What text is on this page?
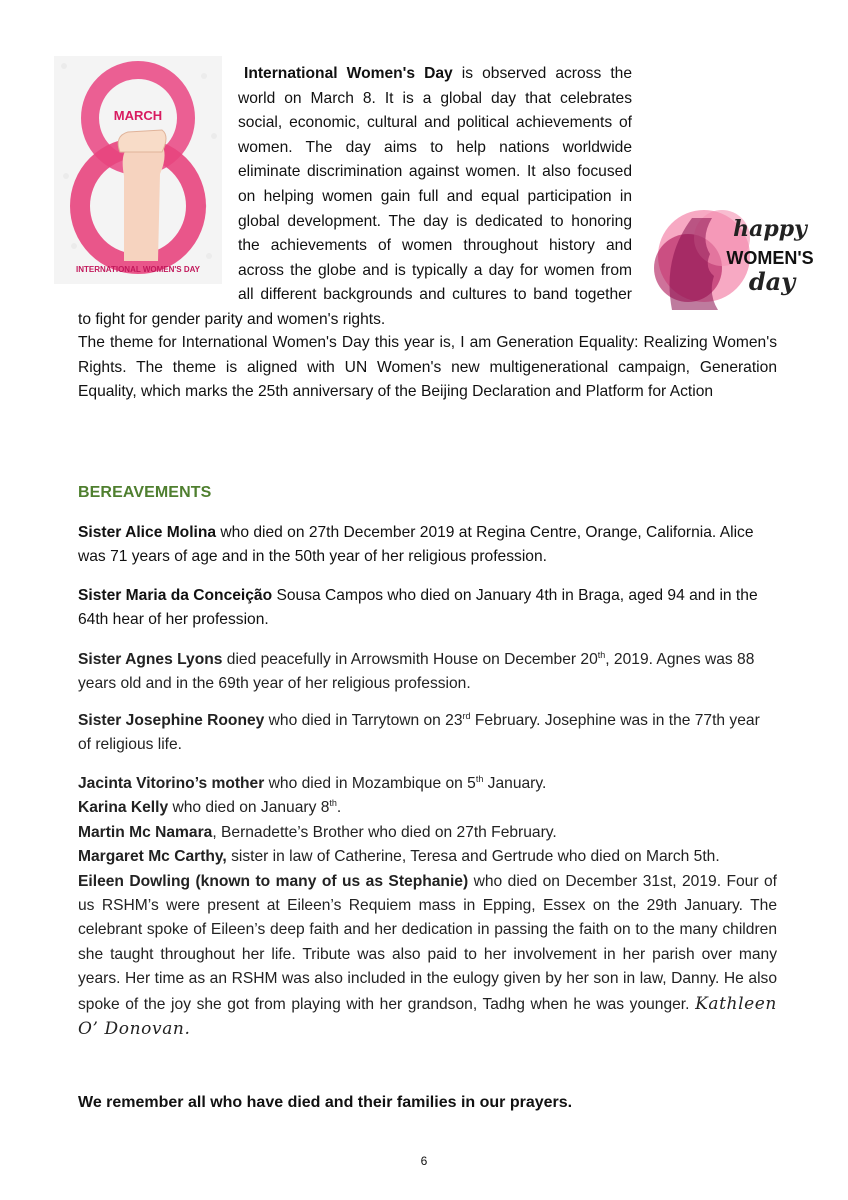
MARCH
INTERNATIONAL WOMEN'S DAY
happy
WOMEN'S
day

International Women's Day is observed across the world on March 8. It is a global day that celebrates social, economic, cultural and political achievements of women. The day aims to help nations worldwide eliminate discrimination against women. It also focused on helping women gain full and equal participation in global development. The day is dedicated to honoring the achievements of women throughout history and across the globe and is typically a day for women from all different backgrounds and cultures to band together to fight for gender parity and women's rights.

The theme for International Women's Day this year is, I am Generation Equality: Realizing Women's Rights. The theme is aligned with UN Women's new multigenerational campaign, Generation Equality, which marks the 25th anniversary of the Beijing Declaration and Platform for Action

BEREAVEMENTS

Sister Alice Molina who died on 27th December 2019 at Regina Centre, Orange, California. Alice was 71 years of age and in the 50th year of her religious profession.

Sister Maria da Conceição Sousa Campos who died on January 4th in Braga, aged 94 and in the 64th hear of her profession.

Sister Agnes Lyons died peacefully in Arrowsmith House on December 20th, 2019. Agnes was 88 years old and in the 69th year of her religious profession.

Sister Josephine Rooney who died in Tarrytown on 23rd February. Josephine was in the 77th year of religious life.

Jacinta Vitorino’s mother who died in Mozambique on 5th January.
Karina Kelly who died on January 8th.
Martin Mc Namara, Bernadette’s Brother who died on 27th February.
Margaret Mc Carthy, sister in law of Catherine, Teresa and Gertrude who died on March 5th.
Eileen Dowling (known to many of us as Stephanie) who died on December 31st, 2019. Four of us RSHM’s were present at Eileen’s Requiem mass in Epping, Essex on the 29th January. The celebrant spoke of Eileen’s deep faith and her dedication in passing the faith on to the many children she taught throughout her life. Tribute was also paid to her involvement in her parish over many years. Her time as an RSHM was also included in the eulogy given by her son in law, Danny. He also spoke of the joy she got from playing with her grandson, Tadhg when he was younger. Kathleen O’ Donovan.

We remember all who have died and their families in our prayers.

6
